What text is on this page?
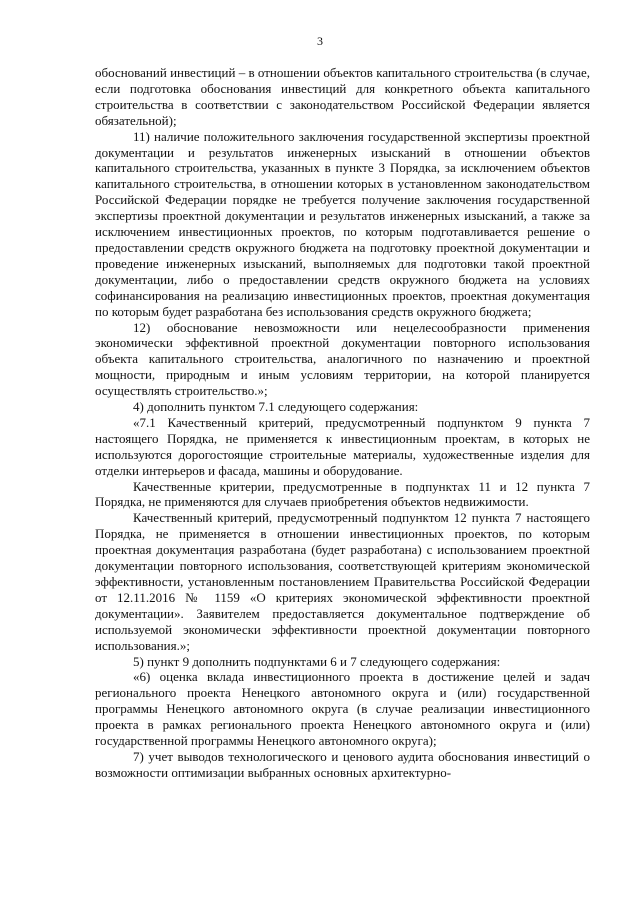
3

обоснований инвестиций – в отношении объектов капитального строительства (в случае, если подготовка обоснования инвестиций для конкретного объекта капитального строительства в соответствии с законодательством Российской Федерации является обязательной);

11) наличие положительного заключения государственной экспертизы проектной документации и результатов инженерных изысканий в отношении объектов капитального строительства, указанных в пункте 3 Порядка, за исключением объектов капитального строительства, в отношении которых в установленном законодательством Российской Федерации порядке не требуется получение заключения государственной экспертизы проектной документации и результатов инженерных изысканий, а также за исключением инвестиционных проектов, по которым подготавливается решение о предоставлении средств окружного бюджета на подготовку проектной документации и проведение инженерных изысканий, выполняемых для подготовки такой проектной документации, либо о предоставлении средств окружного бюджета на условиях софинансирования на реализацию инвестиционных проектов, проектная документация по которым будет разработана без использования средств окружного бюджета;

12) обоснование невозможности или нецелесообразности применения экономически эффективной проектной документации повторного использования объекта капитального строительства, аналогичного по назначению и проектной мощности, природным и иным условиям территории, на которой планируется осуществлять строительство.»;

4) дополнить пунктом 7.1 следующего содержания:

«7.1 Качественный критерий, предусмотренный подпунктом 9 пункта 7 настоящего Порядка, не применяется к инвестиционным проектам, в которых не используются дорогостоящие строительные материалы, художественные изделия для отделки интерьеров и фасада, машины и оборудование.

Качественные критерии, предусмотренные в подпунктах 11 и 12 пункта 7 Порядка, не применяются для случаев приобретения объектов недвижимости.

Качественный критерий, предусмотренный подпунктом 12 пункта 7 настоящего Порядка, не применяется в отношении инвестиционных проектов, по которым проектная документация разработана (будет разработана) с использованием проектной документации повторного использования, соответствующей критериям экономической эффективности, установленным постановлением Правительства Российской Федерации от 12.11.2016 № 1159 «О критериях экономической эффективности проектной документации». Заявителем предоставляется документальное подтверждение об используемой экономически эффективности проектной документации повторного использования.»;

5) пункт 9 дополнить подпунктами 6 и 7 следующего содержания:

«6) оценка вклада инвестиционного проекта в достижение целей и задач регионального проекта Ненецкого автономного округа и (или) государственной программы Ненецкого автономного округа (в случае реализации инвестиционного проекта в рамках регионального проекта Ненецкого автономного округа и (или) государственной программы Ненецкого автономного округа);

7) учет выводов технологического и ценового аудита обоснования инвестиций о возможности оптимизации выбранных основных архитектурно-
